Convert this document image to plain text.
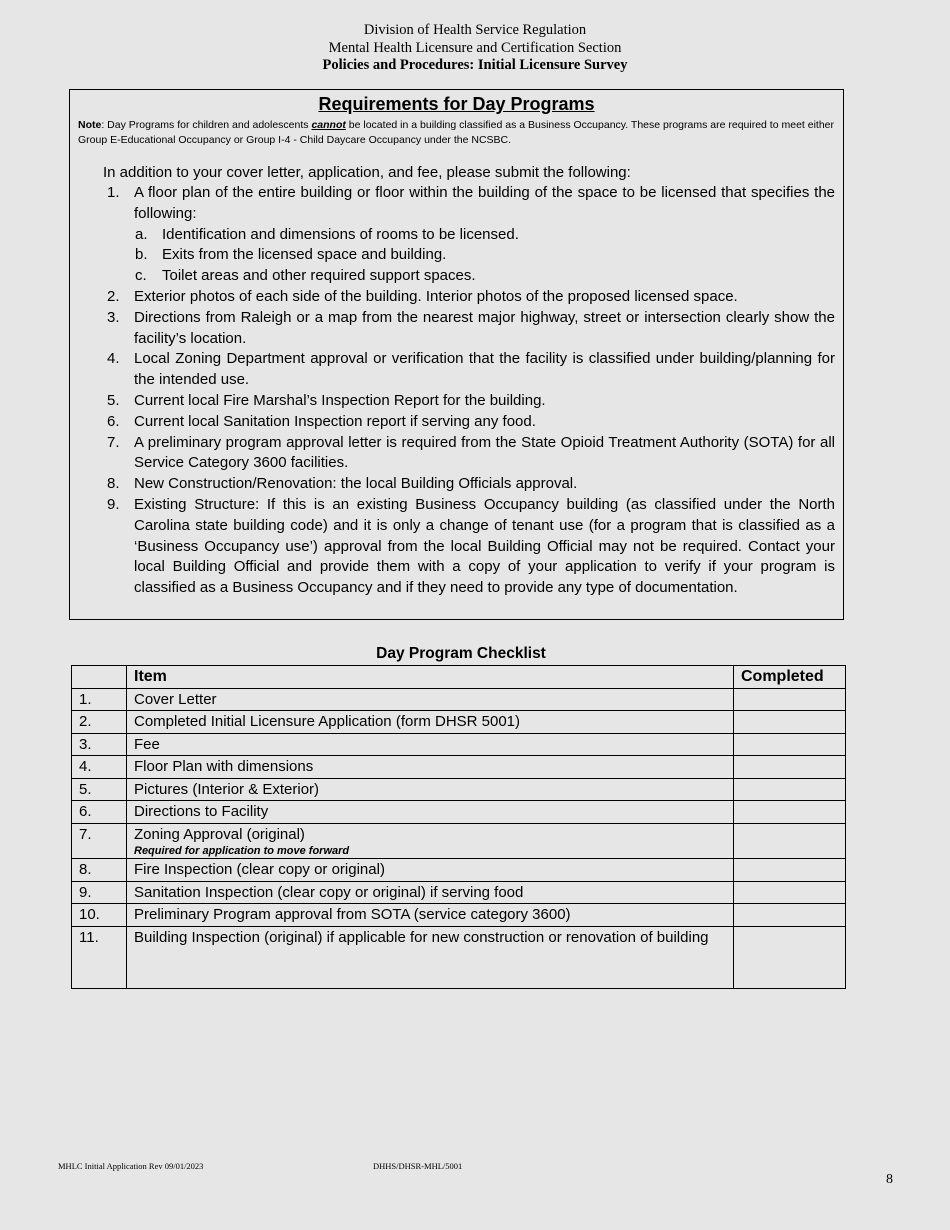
Division of Health Service Regulation
Mental Health Licensure and Certification Section
Policies and Procedures: Initial Licensure Survey
Requirements for Day Programs
Note: Day Programs for children and adolescents cannot be located in a building classified as a Business Occupancy. These programs are required to meet either Group E-Educational Occupancy or Group I-4 - Child Daycare Occupancy under the NCSBC.
In addition to your cover letter, application, and fee, please submit the following:
1. A floor plan of the entire building or floor within the building of the space to be licensed that specifies the following:
a. Identification and dimensions of rooms to be licensed.
b. Exits from the licensed space and building.
c. Toilet areas and other required support spaces.
2. Exterior photos of each side of the building. Interior photos of the proposed licensed space.
3. Directions from Raleigh or a map from the nearest major highway, street or intersection clearly show the facility’s location.
4. Local Zoning Department approval or verification that the facility is classified under building/planning for the intended use.
5. Current local Fire Marshal’s Inspection Report for the building.
6. Current local Sanitation Inspection report if serving any food.
7. A preliminary program approval letter is required from the State Opioid Treatment Authority (SOTA) for all Service Category 3600 facilities.
8. New Construction/Renovation: the local Building Officials approval.
9. Existing Structure: If this is an existing Business Occupancy building (as classified under the North Carolina state building code) and it is only a change of tenant use (for a program that is classified as a ‘Business Occupancy use’) approval from the local Building Official may not be required. Contact your local Building Official and provide them with a copy of your application to verify if your program is classified as a Business Occupancy and if they need to provide any type of documentation.
Day Program Checklist
	Item	Completed
1.	Cover Letter	
2.	Completed Initial Licensure Application (form DHSR 5001)	
3.	Fee	
4.	Floor Plan with dimensions	
5.	Pictures (Interior & Exterior)	
6.	Directions to Facility	
7.	Zoning Approval (original)
Required for application to move forward	

8.	Fire Inspection (clear copy or original)	
9.	Sanitation Inspection (clear copy or original) if serving food	
10.	Preliminary Program approval from SOTA (service category 3600)	
11.	Building Inspection (original) if applicable for new construction or renovation of building	
MHLC Initial Application Rev 09/01/2023	DHHS/DHSR-MHL/5001
8
